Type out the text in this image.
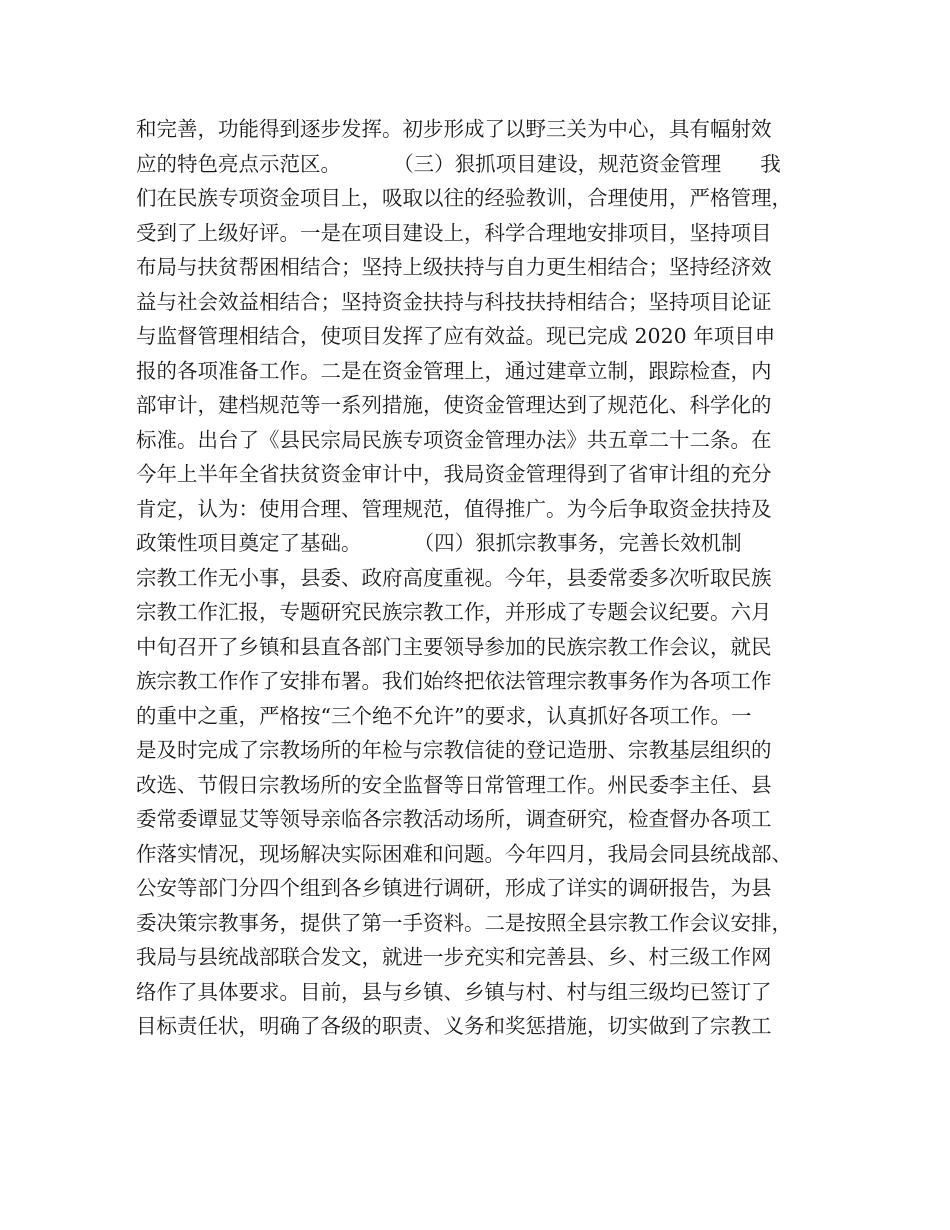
和完善，功能得到逐步发挥。初步形成了以野三关为中心，具有幅射效
应的特色亮点示范区。        （三）狠抓项目建设，规范资金管理      我
们在民族专项资金项目上，吸取以往的经验教训，合理使用，严格管理，
受到了上级好评。一是在项目建设上，科学合理地安排项目，坚持项目
布局与扶贫帮困相结合；坚持上级扶持与自力更生相结合；坚持经济效
益与社会效益相结合；坚持资金扶持与科技扶持相结合；坚持项目论证
与监督管理相结合，使项目发挥了应有效益。现已完成 2020 年项目申
报的各项准备工作。二是在资金管理上，通过建章立制，跟踪检查，内
部审计，建档规范等一系列措施，使资金管理达到了规范化、科学化的
标准。出台了《县民宗局民族专项资金管理办法》共五章二十二条。在
今年上半年全省扶贫资金审计中，我局资金管理得到了省审计组的充分
肯定，认为：使用合理、管理规范，值得推广。为今后争取资金扶持及
政策性项目奠定了基础。        （四）狠抓宗教事务，完善长效机制
宗教工作无小事，县委、政府高度重视。今年，县委常委多次听取民族
宗教工作汇报，专题研究民族宗教工作，并形成了专题会议纪要。六月
中旬召开了乡镇和县直各部门主要领导参加的民族宗教工作会议，就民
族宗教工作作了安排布署。我们始终把依法管理宗教事务作为各项工作
的重中之重，严格按“三个绝不允许”的要求，认真抓好各项工作。一
是及时完成了宗教场所的年检与宗教信徒的登记造册、宗教基层组织的
改选、节假日宗教场所的安全监督等日常管理工作。州民委李主任、县
委常委谭显艾等领导亲临各宗教活动场所，调查研究，检查督办各项工
作落实情况，现场解决实际困难和问题。今年四月，我局会同县统战部、
公安等部门分四个组到各乡镇进行调研，形成了详实的调研报告，为县
委决策宗教事务，提供了第一手资料。二是按照全县宗教工作会议安排，
我局与县统战部联合发文，就进一步充实和完善县、乡、村三级工作网
络作了具体要求。目前，县与乡镇、乡镇与村、村与组三级均已签订了
目标责任状，明确了各级的职责、义务和奖惩措施，切实做到了宗教工
